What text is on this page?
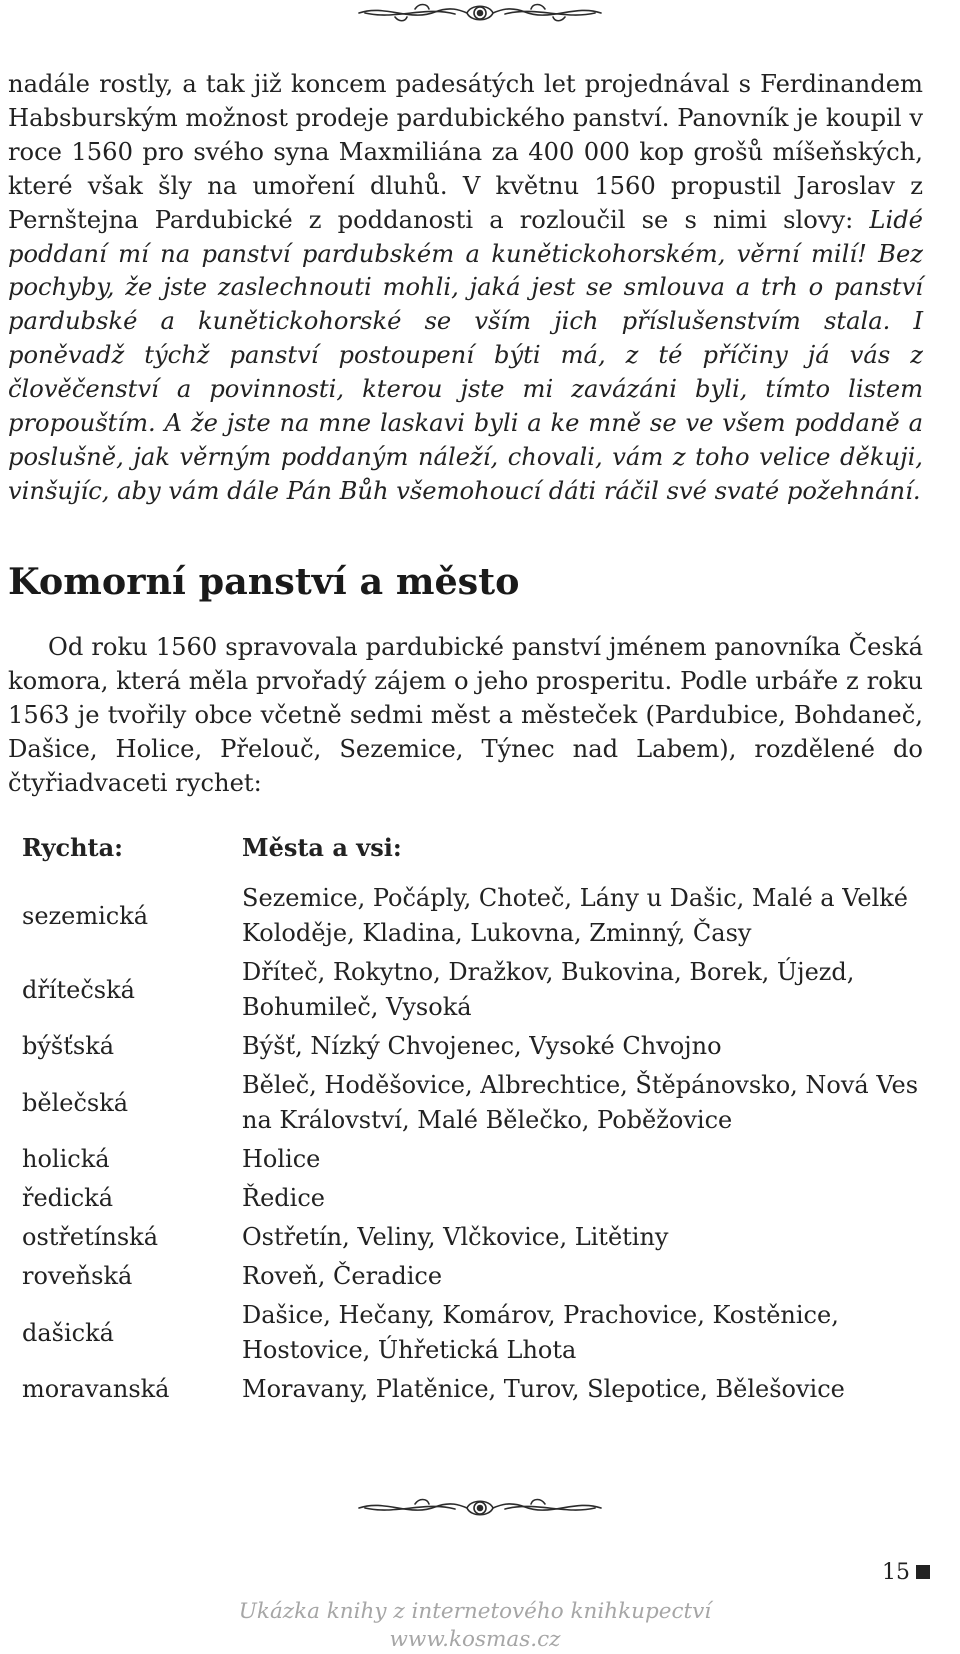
nadále rostly, a tak již koncem padesátých let projednával s Ferdinandem Habsburským možnost prodeje pardubického panství. Panovník je koupil v roce 1560 pro svého syna Maxmiliána za 400 000 kop grošů míšeňských, které však šly na umoření dluhů. V květnu 1560 propustil Jaroslav z Pernštejna Pardubické z poddanosti a rozloučil se s nimi slovy: Lidé poddaní mí na panství pardubském a kunětickohorském, věrní milí! Bez pochyby, že jste zaslechnouti mohli, jaká jest se smlouva a trh o panství pardubské a kunětickohorské se vším jich příslušenstvím stala. I poněvadž týchž panství postoupení býti má, z té příčiny já vás z člověčenství a povinnosti, kterou jste mi zavázáni byli, tímto listem propouštím. A že jste na mne laskavi byli a ke mně se ve všem poddaně a poslušně, jak věrným poddaným náleží, chovali, vám z toho velice děkuji, vinšujíc, aby vám dále Pán Bůh všemohoucí dáti ráčil své svaté požehnání.

Komorní panství a město

Od roku 1560 spravovala pardubické panství jménem panovníka Česká komora, která měla prvořadý zájem o jeho prosperitu. Podle urbáře z roku 1563 je tvořily obce včetně sedmi měst a městeček (Pardubice, Bohdaneč, Dašice, Holice, Přelouč, Sezemice, Týnec nad Labem), rozdělené do čtyřiadvaceti rychet:

Rychta:	Města a vsi:
sezemická	Sezemice, Počáply, Choteč, Lány u Dašic, Malé a Velké Koloděje, Kladina, Lukovna, Zminný, Časy
dřítečská	Dříteč, Rokytno, Dražkov, Bukovina, Borek, Újezd, Bohumileč, Vysoká
býšťská	Býšť, Nízký Chvojenec, Vysoké Chvojno
bělečská	Běleč, Hoděšovice, Albrechtice, Štěpánovsko, Nová Ves na Království, Malé Bělečko, Poběžovice
holická	Holice
ředická	Ředice
ostřetínská	Ostřetín, Veliny, Vlčkovice, Litětiny
roveňská	Roveň, Čeradice
dašická	Dašice, Hečany, Komárov, Prachovice, Kostěnice, Hostovice, Úhřetická Lhota
moravanská	Moravany, Platěnice, Turov, Slepotice, Bělešovice
15
Ukázka knihy z internetového knihkupectví www.kosmas.cz
